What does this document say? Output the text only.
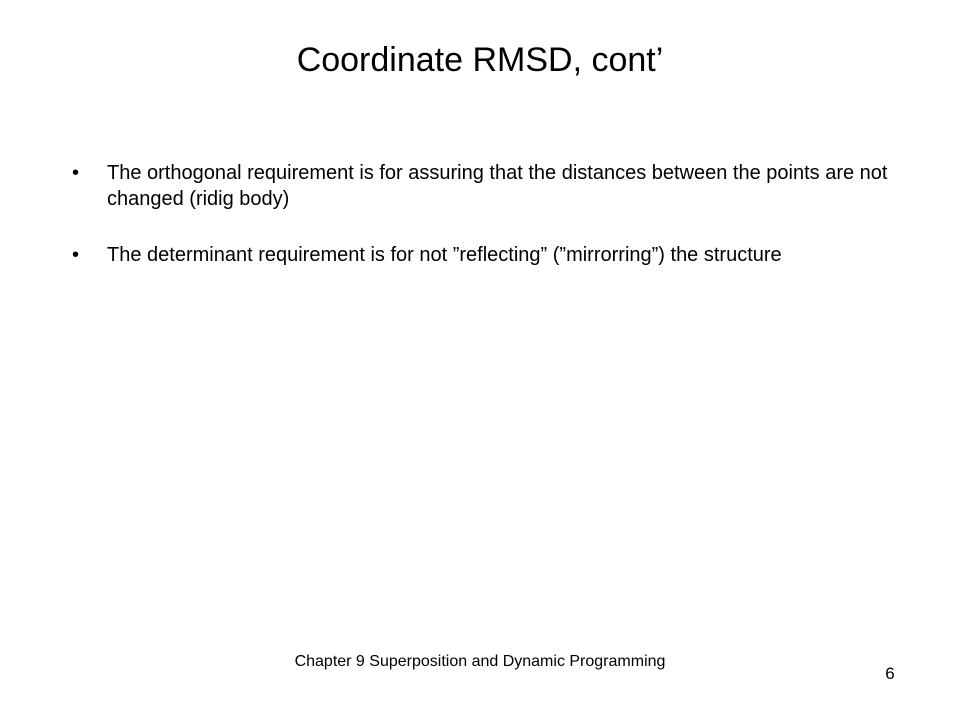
Coordinate RMSD, cont’
• The orthogonal requirement is for assuring that the distances between the points are not changed (ridig body)
• The determinant requirement is for not ”reflecting” (”mirrorring”) the structure
Chapter 9 Superposition and Dynamic Programming
6
